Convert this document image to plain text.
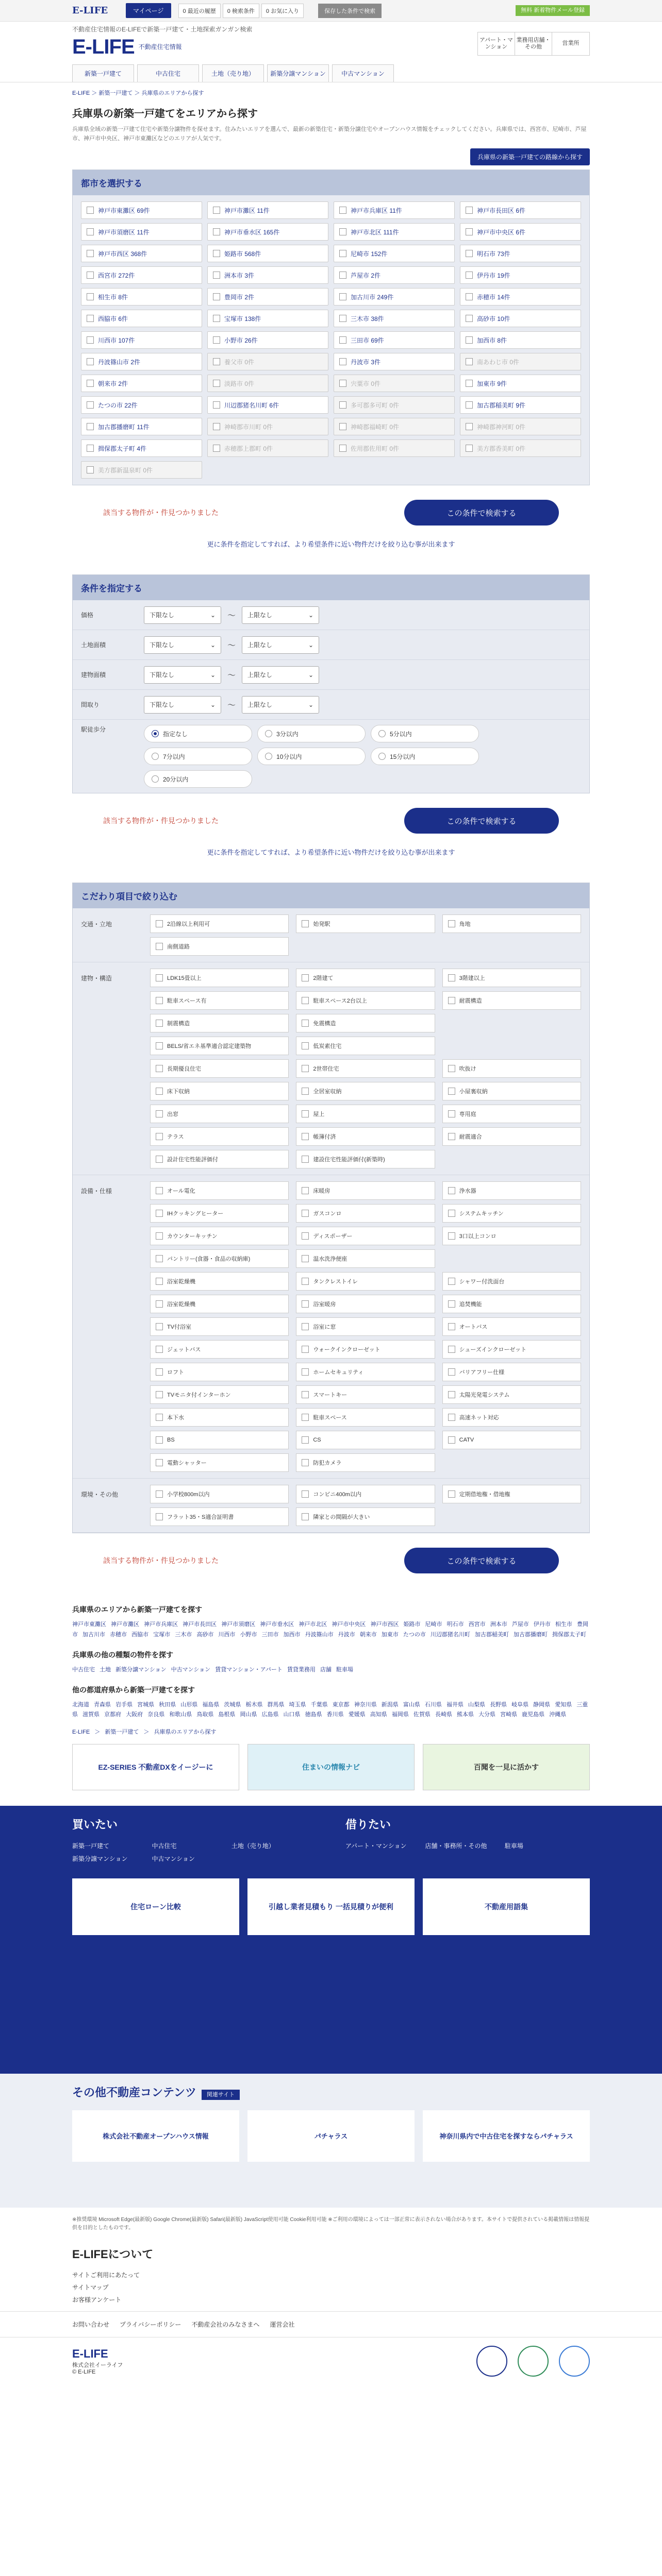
E-LIFE	マイページ	0 最近の履歴	0 検索条件	0 お気に入り	保存した条件で検索	無料 新着物件メール登録
不動産住宅情報のE-LIFEで新築一戸建て・土地探索ガンガン検索
E-LIFE 不動産住宅情報
アパート・マンション
業務用店舗・その他
営業所
新築一戸建て	中古住宅	土地（売り地）	新築分譲マンション	中古マンション
E-LIFE ＞ 新築一戸建て ＞ 兵庫県のエリアから探す
兵庫県の新築一戸建てをエリアから探す

兵庫県全域の新築一戸建て住宅や新築分譲物件を探せます。住みたいエリアを選んで、最新の新築住宅・新築分譲住宅やオープンハウス情報をチェックしてください。兵庫県では、西宮市、尼崎市、芦屋市、神戸市中央区、神戸市東灘区などのエリアが人気です。

兵庫県の新築一戸建ての路線から探す
都市を選択する
神戸市東灘区 69件	神戸市灘区 11件	神戸市兵庫区 11件	神戸市長田区 6件
神戸市須磨区 11件	神戸市垂水区 165件	神戸市北区 111件	神戸市中央区 6件
神戸市西区 368件	姫路市 568件	尼崎市 152件	明石市 73件
西宮市 272件	洲本市 3件	芦屋市 2件	伊丹市 19件
相生市 8件	豊岡市 2件	加古川市 249件	赤穂市 14件
西脇市 6件	宝塚市 138件	三木市 38件	高砂市 10件
川西市 107件	小野市 26件	三田市 69件	加西市 8件
丹波篠山市 2件	養父市 0件	丹波市 3件	南あわじ市 0件
朝来市 2件	淡路市 0件	宍粟市 0件	加東市 9件
たつの市 22件	川辺郡猪名川町 6件	多可郡多可町 0件	加古郡稲美町 9件
加古郡播磨町 11件	神崎郡市川町 0件	神崎郡福崎町 0件	神崎郡神河町 0件
揖保郡太子町 4件	赤穂郡上郡町 0件	佐用郡佐用町 0件	美方郡香美町 0件
美方郡新温泉町 0件
該当する物件が・件見つかりました	この条件で検索する
更に条件を指定してすれば、より希望条件に近い物件だけを絞り込む事が出来ます
条件を指定する
価格	下限なし	⌄ 〜 上限なし	⌄
土地面積	下限なし	⌄ 〜 上限なし	⌄
建物面積	下限なし	⌄ 〜 上限なし	⌄
間取り	下限なし	⌄ 〜 上限なし	⌄
駅徒歩分
指定なし	3分以内	5分以内
7分以内	10分以内	15分以内
20分以内
該当する物件が・件見つかりました	この条件で検索する
更に条件を指定してすれば、より希望条件に近い物件だけを絞り込む事が出来ます
こだわり項目で絞り込む
交通・立地	2沿線以上利用可	始発駅	角地
南側道路
建物・構造	LDK15畳以上	2階建て	3階建以上
駐車スペース有	駐車スペース2台以上	耐震構造
制震構造	免震構造
BELS/省エネ基準適合認定建築物	低炭素住宅
長期優良住宅	2世帯住宅	吹抜け
床下収納	全居室収納	小屋裏収納
出窓	屋上	専用庭
テラス	帳簿付済	耐震適合
設計住宅性能評価付	建設住宅性能評価付(新築時)
設備・仕様	オール電化	床暖房	浄水器
IHクッキングヒーター	ガスコンロ	システムキッチン
カウンターキッチン	ディスポーザー	3口以上コンロ
パントリー(食器・食品の収納庫)	温水洗浄便座
浴室乾燥機	タンクレストイレ	シャワー付洗面台
浴室乾燥機	浴室暖房	追焚機能
TV付浴室	浴室に窓	オートバス
ジェットバス	ウォークインクローゼット	シューズインクローゼット
ロフト	ホームセキュリティ	バリアフリー仕様
TVモニタ付インターホン	スマートキー	太陽光発電システム
本下水	駐車スペース	高速ネット対応
BS	CS	CATV
電動シャッター	防犯カメラ
環境・その他	小学校800m以内	コンビニ400m以内	定期借地権・借地権
フラット35・S適合証明書	隣家との間隔が大きい
該当する物件が・件見つかりました	この条件で検索する
兵庫県のエリアから新築一戸建てを探す

神戸市東灘区 神戸市灘区 神戸市兵庫区 神戸市長田区 神戸市須磨区 神戸市垂水区 神戸市北区 神戸市中央区 神戸市西区 姫路市 尼崎市 明石市 西宮市 洲本市 芦屋市 伊丹市 相生市 豊岡市 加古川市 赤穂市 西脇市 宝塚市 三木市 高砂市 川西市 小野市 三田市 加西市 丹波篠山市 丹波市 朝来市 加東市 たつの市 川辺郡猪名川町 加古郡稲美町 加古郡播磨町 揖保郡太子町

兵庫県の他の種類の物件を探す

中古住宅 土地 新築分譲マンション 中古マンション 賃貸マンション・アパート 賃貸業務用 店舗 駐車場

他の都道府県から新築一戸建てを探す

北海道 青森県 岩手県 宮城県 秋田県 山形県 福島県 茨城県 栃木県 群馬県 埼玉県 千葉県 東京都 神奈川県 新潟県 富山県 石川県 福井県 山梨県 長野県 岐阜県 静岡県 愛知県 三重県 滋賀県 京都府 大阪府 奈良県 和歌山県 鳥取県 島根県 岡山県 広島県 山口県 徳島県 香川県 愛媛県 高知県 福岡県 佐賀県 長崎県 熊本県 大分県 宮崎県 鹿児島県 沖縄県

E-LIFE ＞ 新築一戸建て ＞ 兵庫県のエリアから探す

EZ-SERIES 不動産DXをイージーに	住まいの情報ナビ	百聞を一見に活かす
買いたい
新築一戸建て	中古住宅	土地（売り地） 新築分譲マンション	中古マンション
借りたい
アパート・マンション	店舗・事務所・その他	駐車場
住宅ローン比較	引越し業者見積もり 一括見積りが便利	不動産用語集
その他不動産コンテンツ 関連サイト
株式会社不動産オープンハウス情報	パチャラス	神奈川県内で中古住宅を探すならパチャラス
※推奨環境 Microsoft Edge(最新版) Google Chrome(最新版) Safari(最新版) JavaScript使用可能 Cookie利用可能 ※ご利用の環境によっては一部正常に表示されない場合があります。本サイトで提供されている掲載情報は情報提供を目的としたものです。
E-LIFEについて
サイトご利用にあたって
サイトマップ
お客様アンケート
お問い合わせ プライバシーポリシー 不動産会社のみなさまへ 運営会社
E-LIFE
株式会社イーライフ
© E-LIFE
